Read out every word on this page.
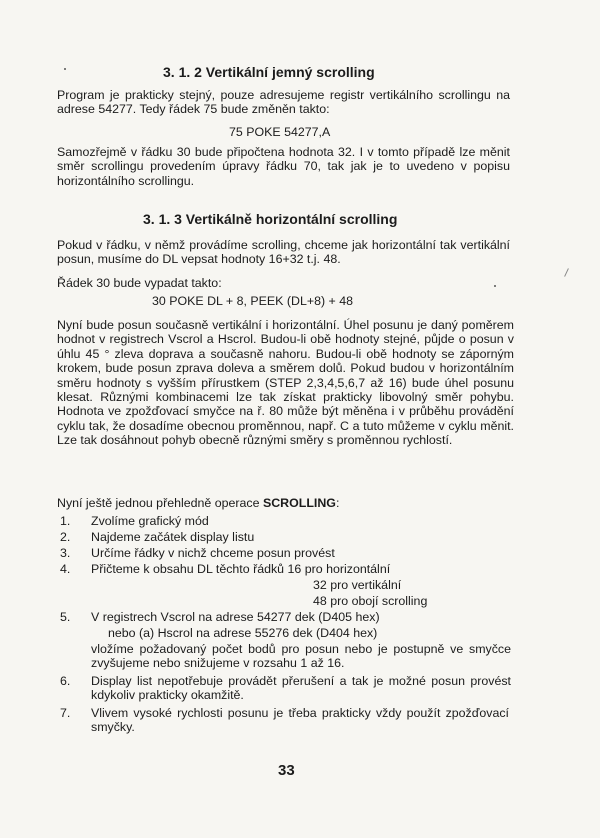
3. 1. 2 Vertikální jemný scrolling
Program je prakticky stejný, pouze adresujeme registr vertikálního scrollingu na adrese 54277. Tedy řádek 75 bude změněn takto:
75 POKE 54277,A
Samozřejmě v řádku 30 bude připočtena hodnota 32. I v tomto případě lze měnit směr scrollingu provedením úpravy řádku 70, tak jak je to uvedeno v popisu horizontálního scrollingu.
3. 1. 3 Vertikálně horizontální scrolling
Pokud v řádku, v němž provádíme scrolling, chceme jak horizontální tak vertikální posun, musíme do DL vepsat hodnoty 16+32 t.j. 48.
Řádek 30 bude vypadat takto:
30 POKE DL + 8, PEEK (DL+8) + 48
Nyní bude posun současně vertikální i horizontální. Úhel posunu je daný poměrem hodnot v registrech Vscrol a Hscrol. Budou-li obě hodnoty stejné, půjde o posun v úhlu 45 ° zleva doprava a současně nahoru. Budou-li obě hodnoty se záporným krokem, bude posun zprava doleva a směrem dolů. Pokud budou v horizontálním směru hodnoty s vyšším přírustkem (STEP 2,3,4,5,6,7 až 16) bude úhel posunu klesat. Různými kombinacemi lze tak získat prakticky libovolný směr pohybu. Hodnota ve zpožďovací smyčce na ř. 80 může být měněna i v průběhu provádění cyklu tak, že dosadíme obecnou proměnnou, např. C a tuto můžeme v cyklu měnit. Lze tak dosáhnout pohyb obecně různými směry s proměnnou rychlostí.
Nyní ještě jednou přehledně operace SCROLLING:
1. Zvolíme grafický mód
2. Najdeme začátek display listu
3. Určíme řádky v nichž chceme posun provést
4. Přičteme k obsahu DL těchto řádků 16 pro horizontální
32 pro vertikální
48 pro obojí scrolling
5. V registrech Vscrol na adrese 54277 dek (D405 hex)
nebo (a) Hscrol na adrese 55276 dek (D404 hex)
vložíme požadovaný počet bodů pro posun nebo je postupně ve smyčce zvyšujeme nebo snižujeme v rozsahu 1 až 16.
6. Display list nepotřebuje provádět přerušení a tak je možné posun provést kdykoliv prakticky okamžitě.
7. Vlivem vysoké rychlosti posunu je třeba prakticky vždy použít zpožďovací smyčky.
33
